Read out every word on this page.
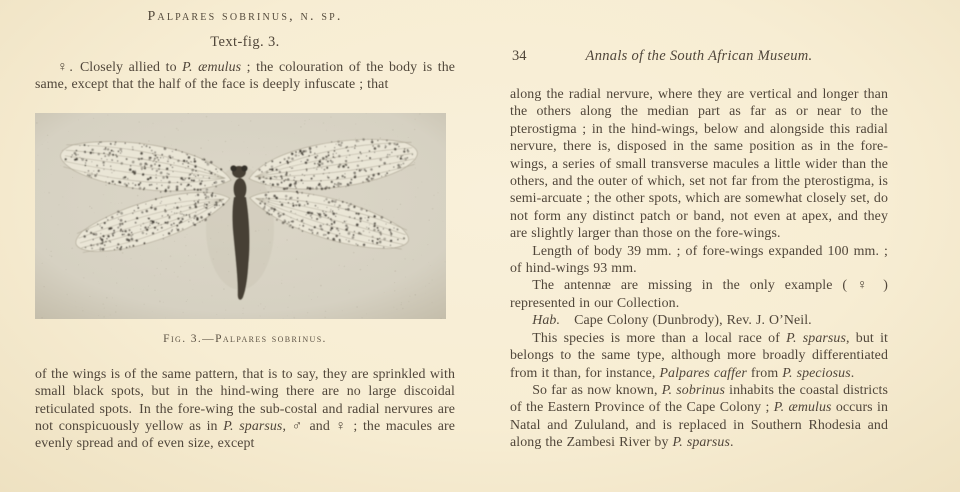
Palpares sobrinus, n. sp.
Text-fig. 3.

♀. Closely allied to P. æmulus ; the colouration of the body is the same, except that the half of the face is deeply infuscate ; that

Fig. 3.—Palpares sobrinus.

of the wings is of the same pattern, that is to say, they are sprinkled with small black spots, but in the hind-wing there are no large discoidal reticulated spots. In the fore-wing the sub-costal and radial nervures are not conspicuously yellow as in P. sparsus, ♂ and ♀ ; the macules are evenly spread and of even size, except

34	Annals of the South African Museum.

along the radial nervure, where they are vertical and longer than the others along the median part as far as or near to the pterostigma ; in the hind-wings, below and alongside this radial nervure, there is, disposed in the same position as in the fore-wings, a series of small transverse macules a little wider than the others, and the outer of which, set not far from the pterostigma, is semi-arcuate ; the other spots, which are somewhat closely set, do not form any distinct patch or band, not even at apex, and they are slightly larger than those on the fore-wings.

Length of body 39 mm. ; of fore-wings expanded 100 mm. ; of hind-wings 93 mm.

The antennæ are missing in the only example ( ♀ ) represented in our Collection.

Hab.  Cape Colony (Dunbrody), Rev. J. O’Neil.

This species is more than a local race of P. sparsus, but it belongs to the same type, although more broadly differentiated from it than, for instance, Palpares caffer from P. speciosus.

So far as now known, P. sobrinus inhabits the coastal districts of the Eastern Province of the Cape Colony ; P. æmulus occurs in Natal and Zululand, and is replaced in Southern Rhodesia and along the Zambesi River by P. sparsus.
